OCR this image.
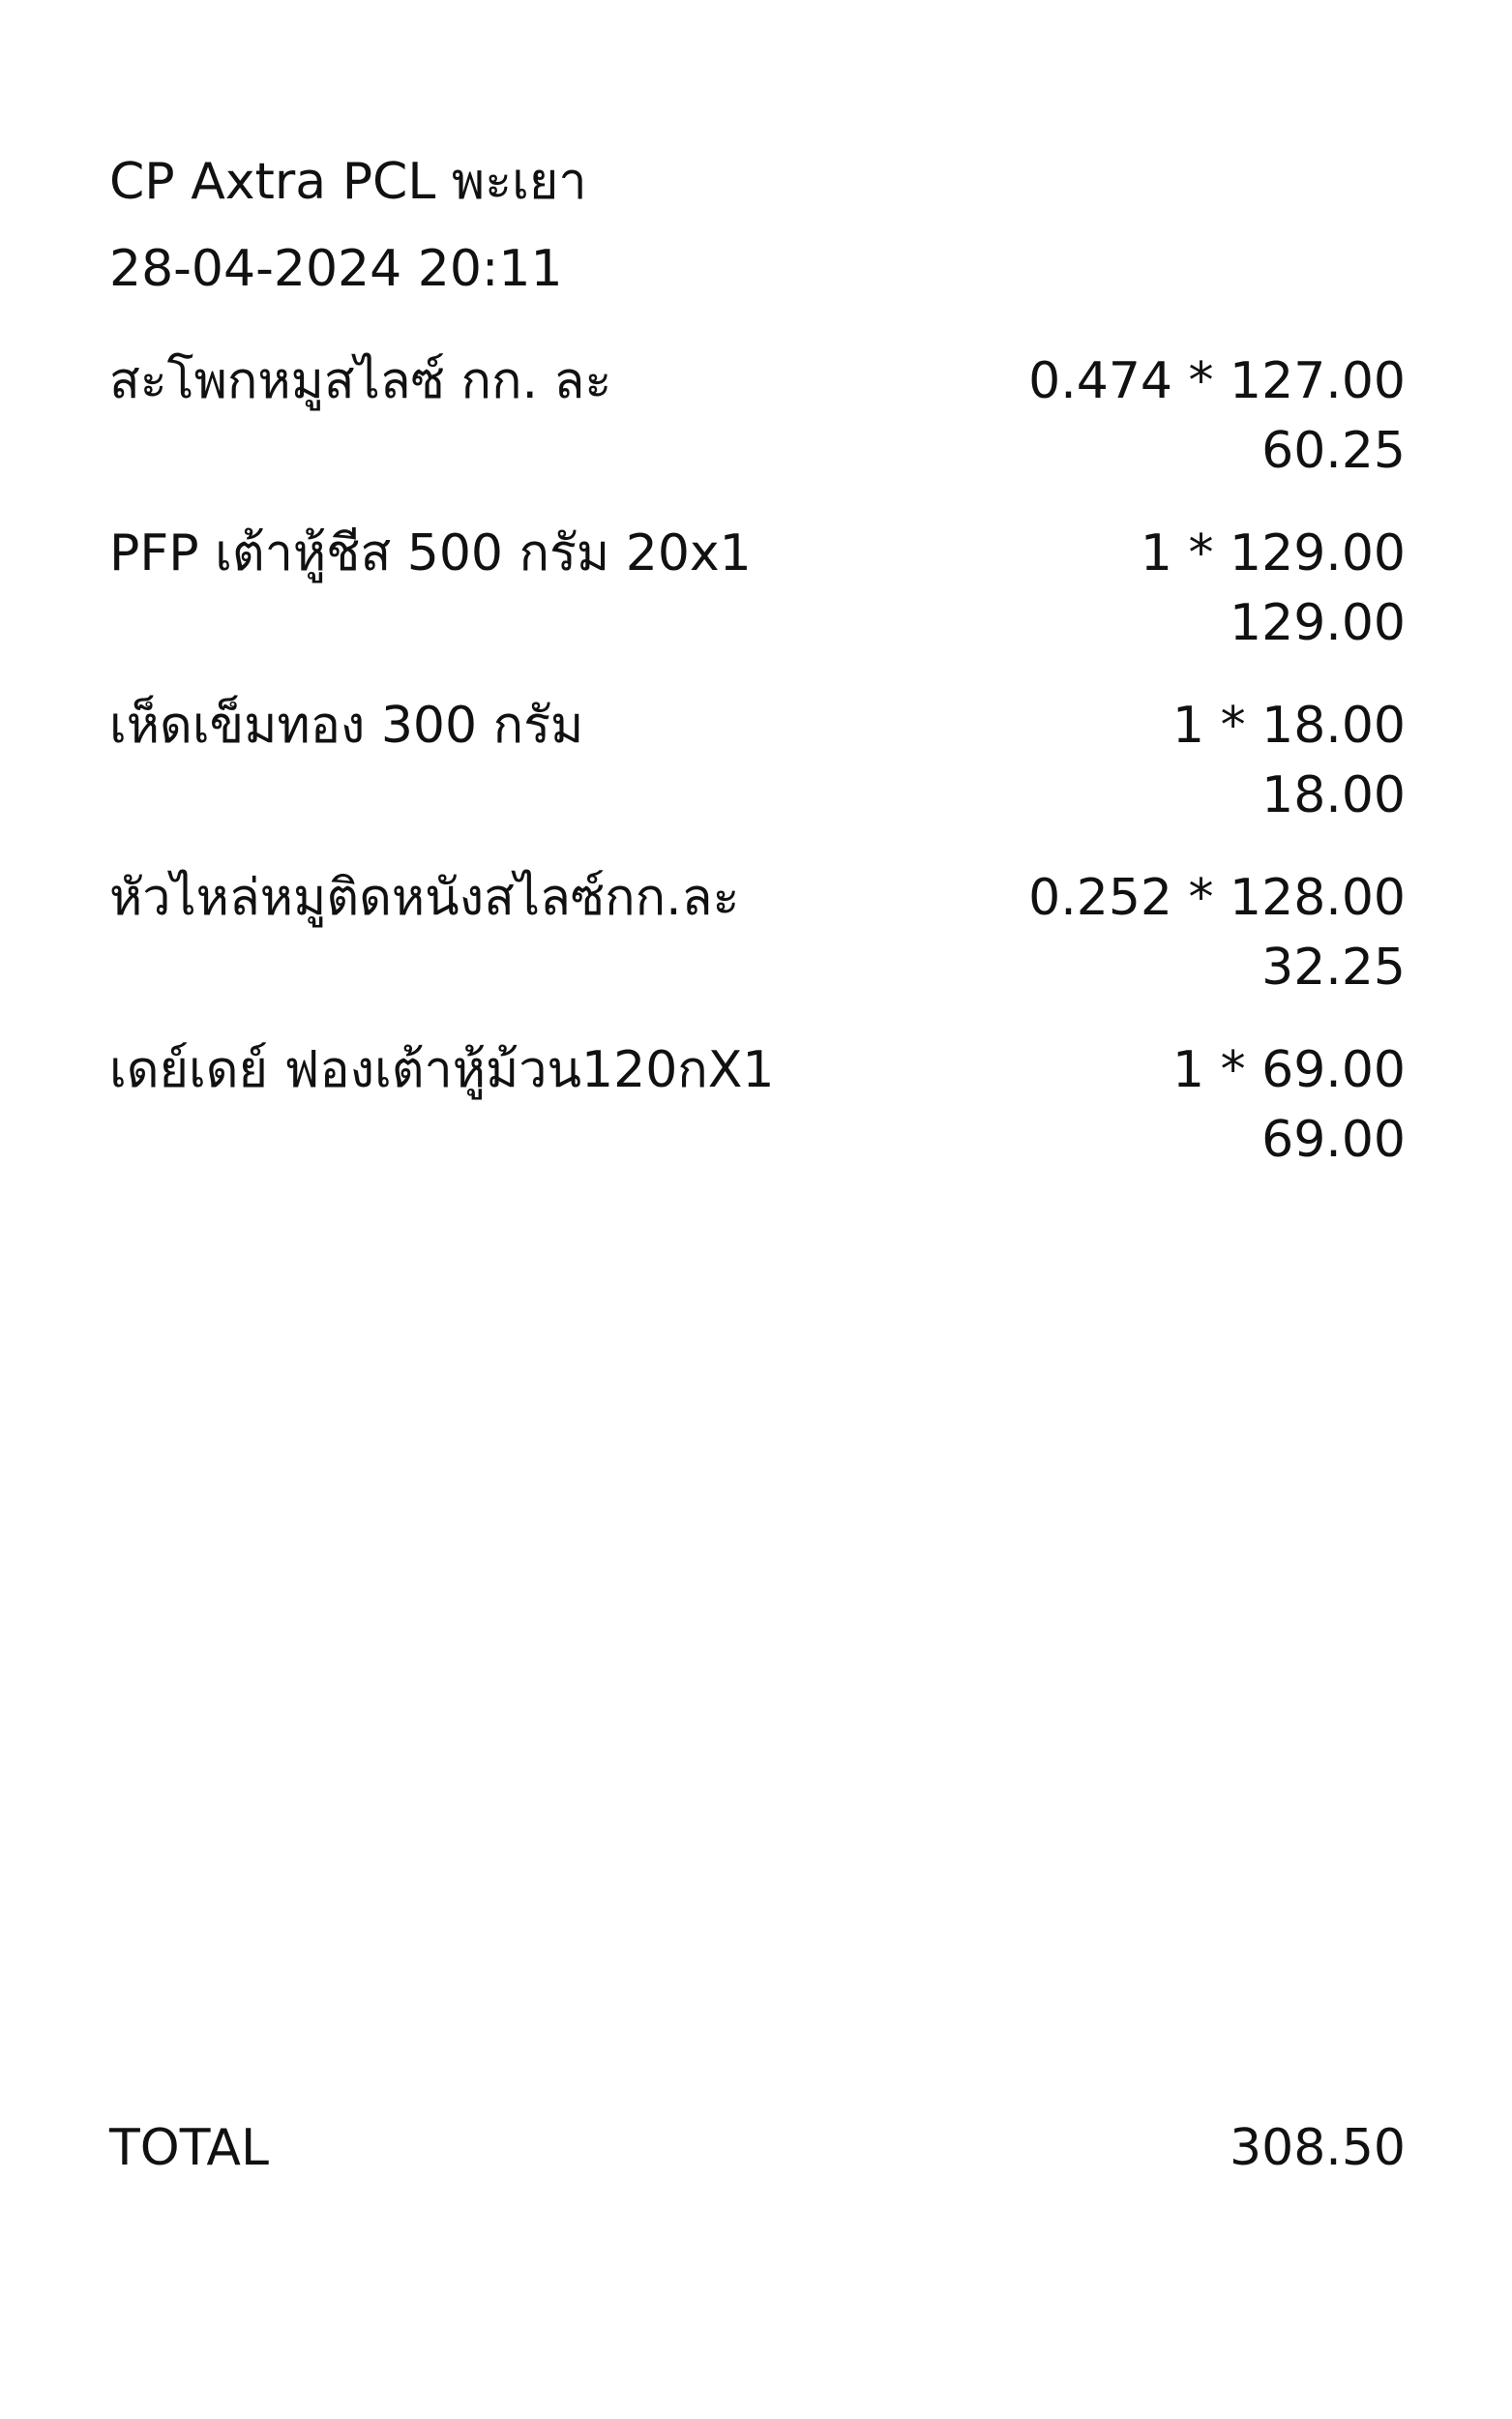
CP Axtra PCL พะเยา
28-04-2024 20:11
สะโพกหมูสไลซ์ กก. ละ	0.474 * 127.00
60.25
PFP เต้าหู้ชีส 500 กรัม 20x1	1 * 129.00
129.00
เห็ดเข็มทอง 300 กรัม	1 * 18.00
18.00
หัวไหล่หมูติดหนังสไลซ์กก.ละ	0.252 * 128.00
32.25
เดย์เดย์ ฟองเต้าหู้ม้วน120กX1	1 * 69.00
69.00
TOTAL	308.50
